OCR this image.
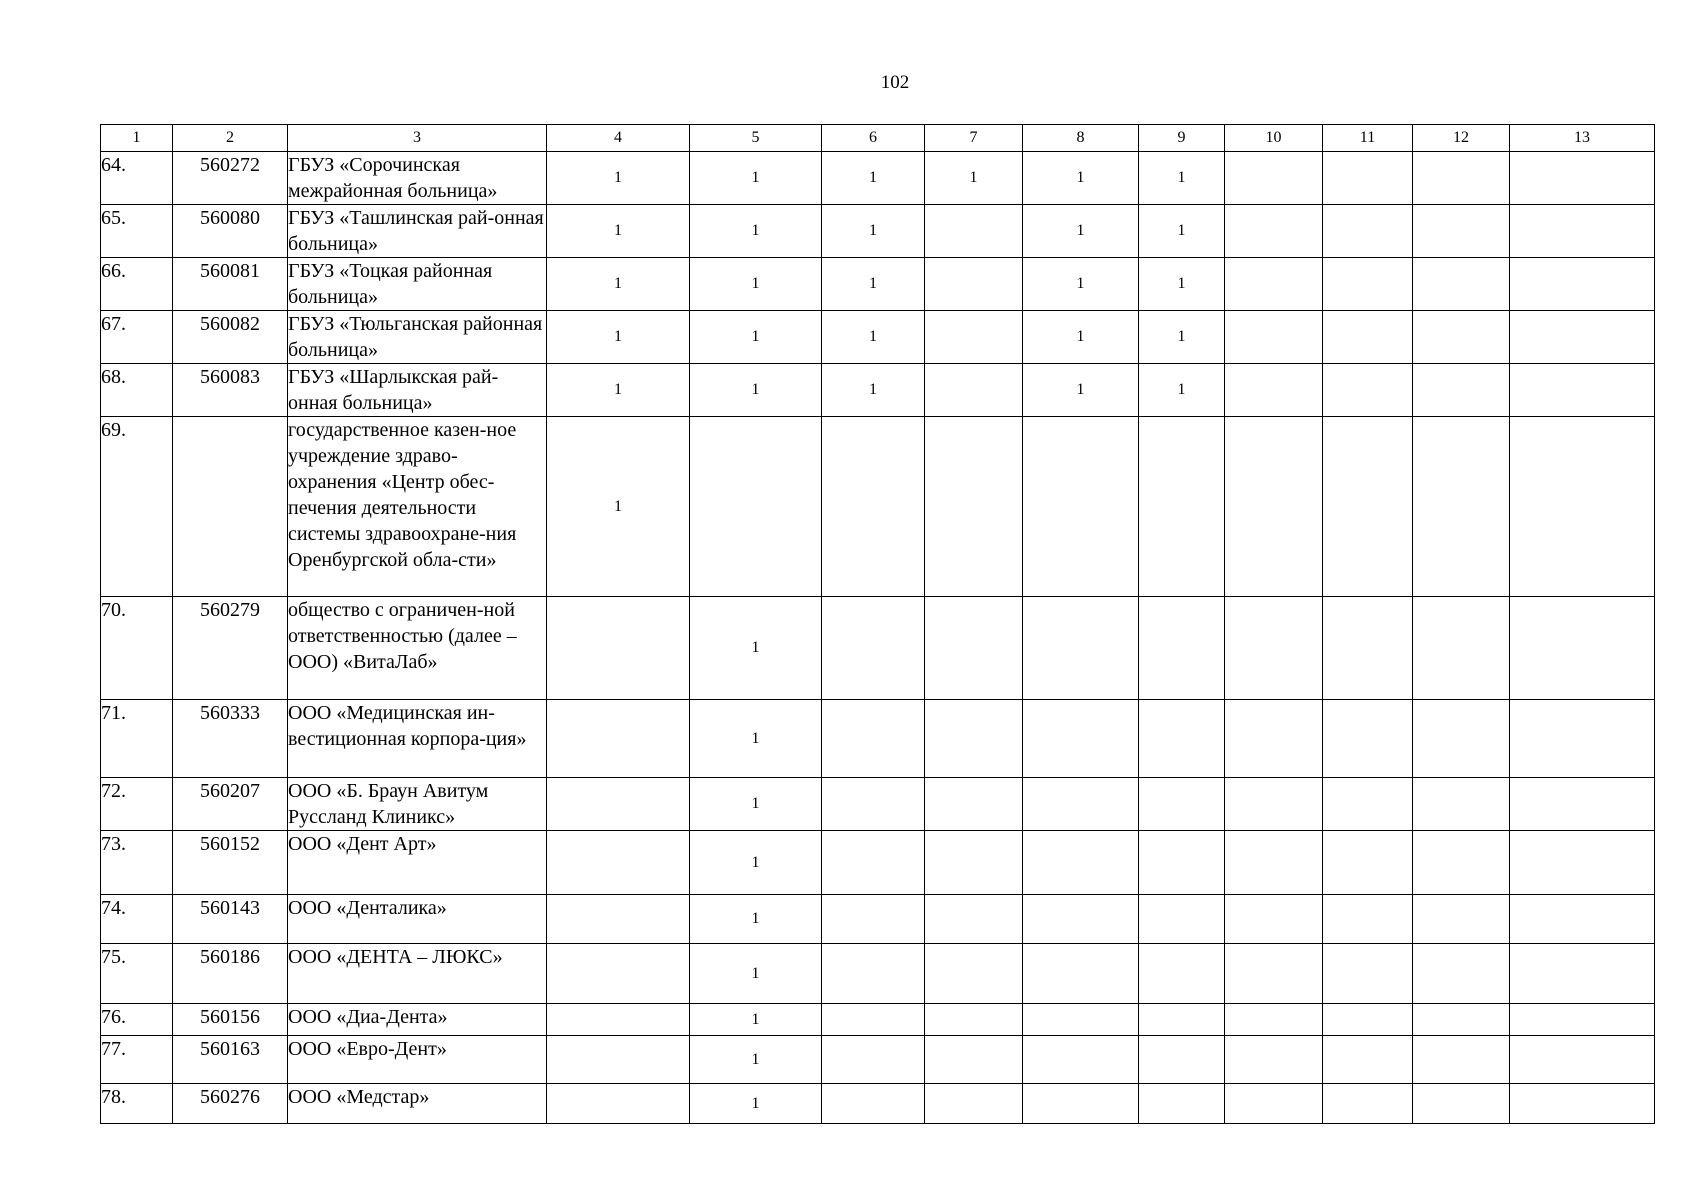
102
1	2	3	4	5	6	7	8	9	10	11	12	13
64.	560272	ГБУЗ «Сорочинская межрайонная больница»	1	1	1	1	1	1				
65.	560080	ГБУЗ «Ташлинская рай-онная больница»	1	1	1		1	1				
66.	560081	ГБУЗ «Тоцкая районная больница»	1	1	1		1	1				
67.	560082	ГБУЗ «Тюльганская районная больница»	1	1	1		1	1				
68.	560083	ГБУЗ «Шарлыкская рай-онная больница»	1	1	1		1	1				
69.		государственное казен-ное учреждение здраво-охранения «Центр обес-печения деятельности системы здравоохране-ния Оренбургской обла-сти»	1									
70.	560279	общество с ограничен-ной ответственностью (далее – ООО) «ВитаЛаб»		1								
71.	560333	ООО «Медицинская ин-вестиционная корпора-ция»		1								
72.	560207	ООО «Б. Браун Авитум Руссланд Клиникс»		1								
73.	560152	ООО «Дент Арт»		1								
74.	560143	ООО «Денталика»		1								
75.	560186	ООО «ДЕНТА – ЛЮКС»		1								
76.	560156	ООО «Диа-Дента»		1								
77.	560163	ООО «Евро-Дент»		1								
78.	560276	ООО «Медстар»		1								
